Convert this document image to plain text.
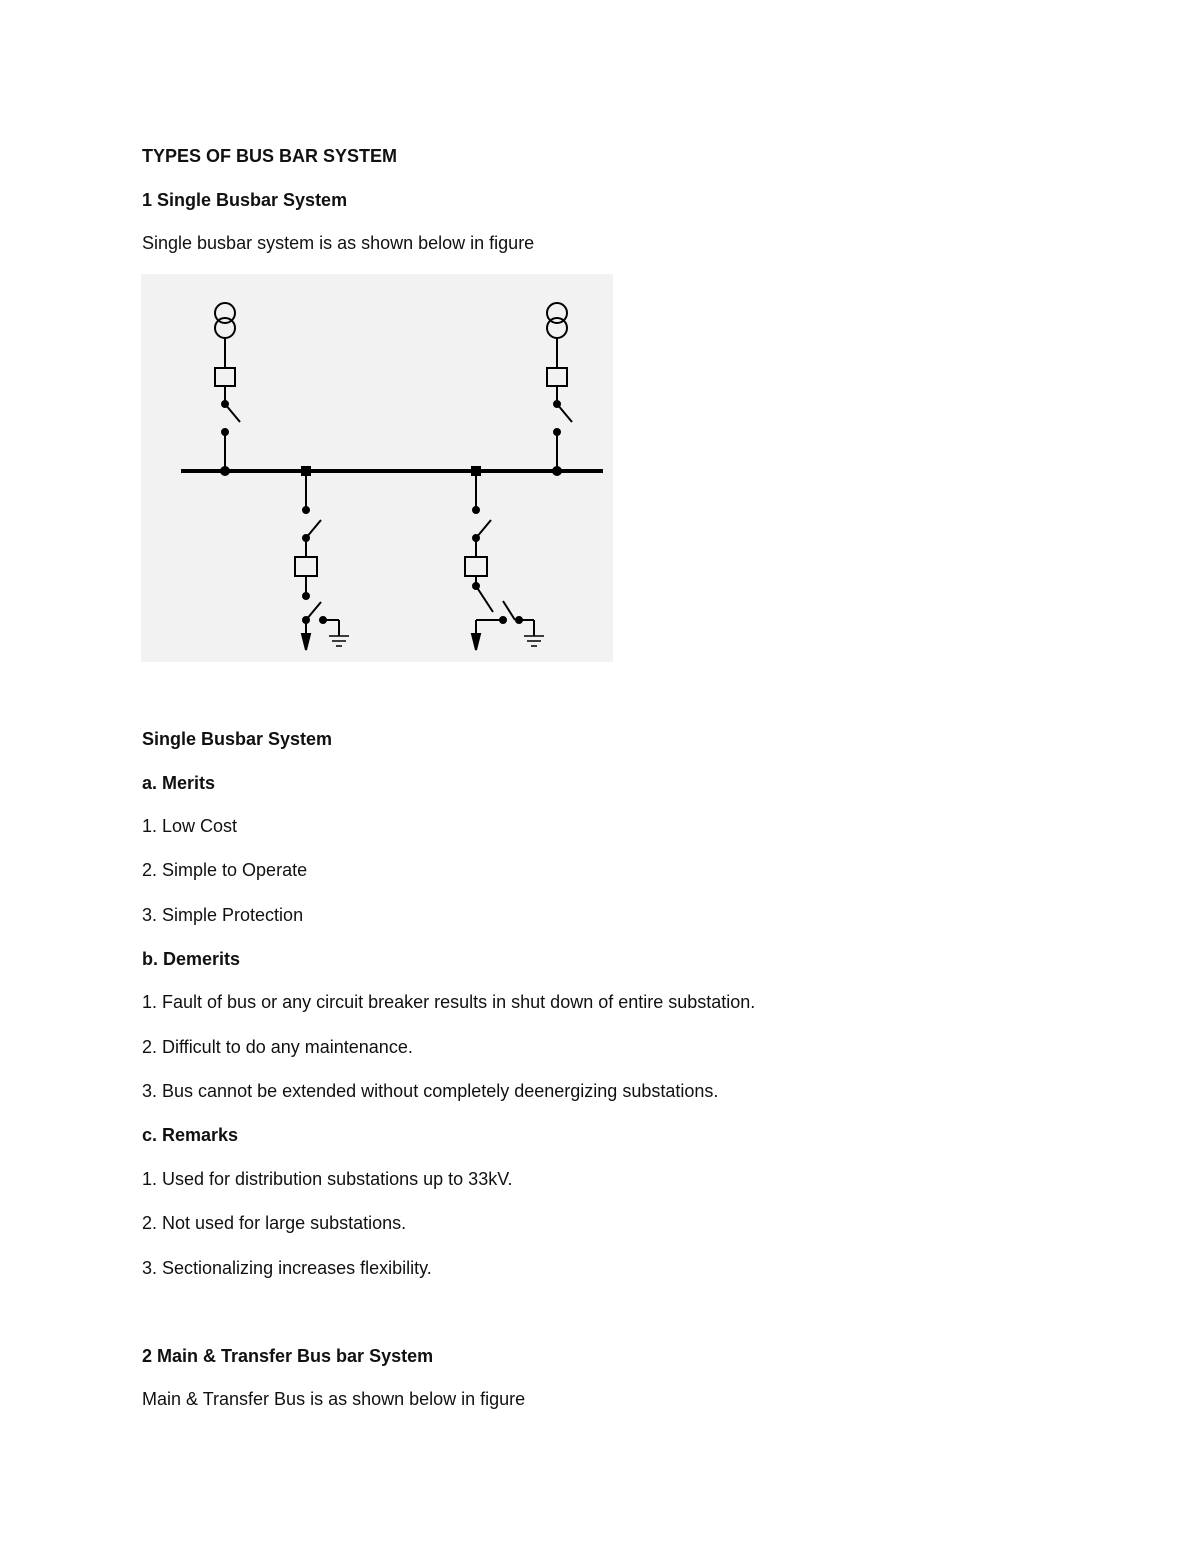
TYPES OF BUS BAR SYSTEM
1 Single Busbar System
Single busbar system is as shown below in figure
Single Busbar System
a. Merits
1. Low Cost
2. Simple to Operate
3. Simple Protection
b. Demerits
1. Fault of bus or any circuit breaker results in shut down of entire substation.
2. Difficult to do any maintenance.
3. Bus cannot be extended without completely deenergizing substations.
c. Remarks
1. Used for distribution substations up to 33kV.
2. Not used for large substations.
3. Sectionalizing increases flexibility.
2 Main & Transfer Bus bar System
Main & Transfer Bus is as shown below in figure
